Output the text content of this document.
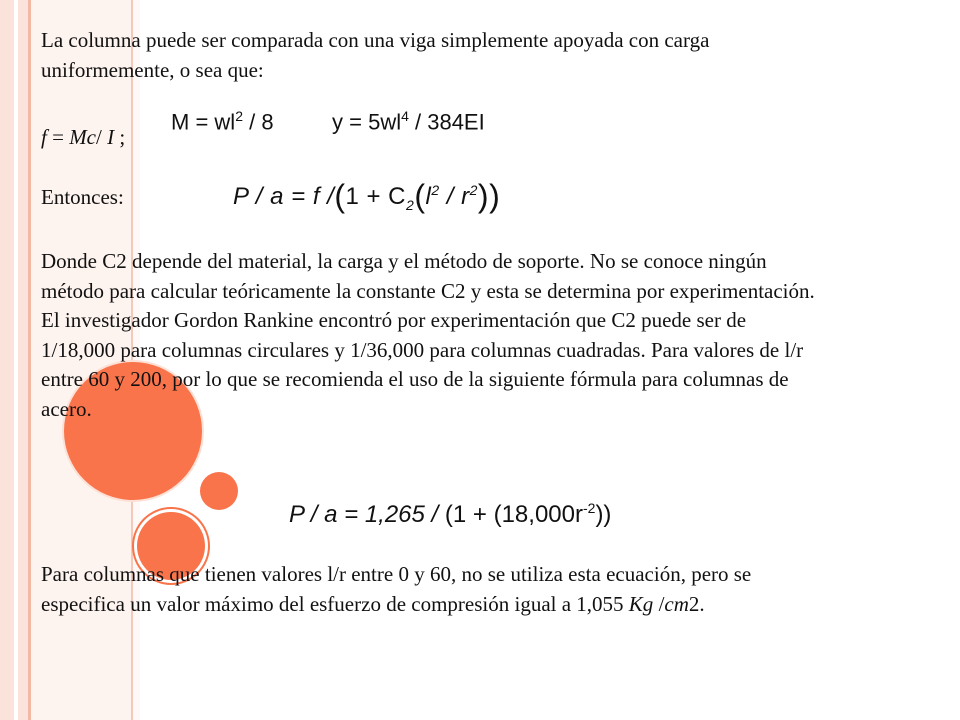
La columna puede ser comparada con una viga simplemente apoyada con carga uniformemente, o sea que:

f = Mc/ I ;

$M = wl^2 / 8$	$y = 5wl^4 / 384EI$

Entonces:	P / a = f $/(1 + C_2(l^2 / r^2))$

Donde C2 depende del material, la carga y el método de soporte. No se conoce ningún método para calcular teóricamente la constante C2 y esta se determina por experimentación.
El investigador Gordon Rankine encontró por experimentación que C2 puede ser de 1/18,000 para columnas circulares y 1/36,000 para columnas cuadradas. Para valores de l/r entre 60 y 200, por lo que se recomienda el uso de la siguiente fórmula para columnas de acero.

$P / a = 1,265 / (1 + (18,000r^{-2}))$

Para columnas que tienen valores l/r entre 0 y 60, no se utiliza esta ecuación, pero se especifica un valor máximo del esfuerzo de compresión igual a 1,055 Kg /cm2.
